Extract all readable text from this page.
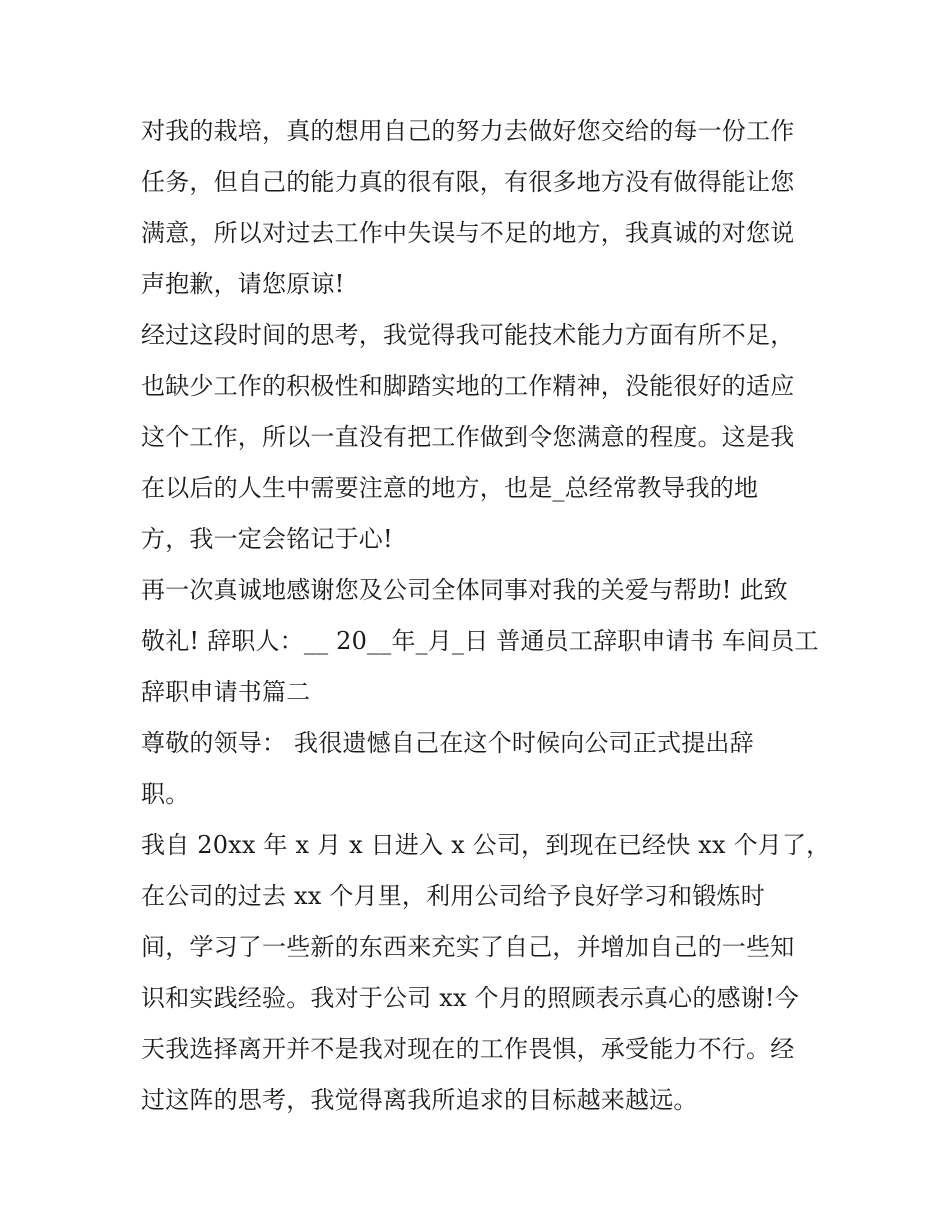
对我的栽培，真的想用自己的努力去做好您交给的每一份工作
任务，但自己的能力真的很有限，有很多地方没有做得能让您
满意，所以对过去工作中失误与不足的地方，我真诚的对您说
声抱歉，请您原谅!
经过这段时间的思考，我觉得我可能技术能力方面有所不足，
也缺少工作的积极性和脚踏实地的工作精神，没能很好的适应
这个工作，所以一直没有把工作做到令您满意的程度。这是我
在以后的人生中需要注意的地方，也是_总经常教导我的地
方，我一定会铭记于心!
再一次真诚地感谢您及公司全体同事对我的关爱与帮助! 此致
敬礼! 辞职人：__ 20__年_月_日 普通员工辞职申请书 车间员工
辞职申请书篇二
尊敬的领导： 我很遗憾自己在这个时候向公司正式提出辞
职。
我自 20xx 年 x 月 x 日进入 x 公司，到现在已经快 xx 个月了，
在公司的过去 xx 个月里，利用公司给予良好学习和锻炼时
间，学习了一些新的东西来充实了自己，并增加自己的一些知
识和实践经验。我对于公司 xx 个月的照顾表示真心的感谢!今
天我选择离开并不是我对现在的工作畏惧，承受能力不行。经
过这阵的思考，我觉得离我所追求的目标越来越远。
